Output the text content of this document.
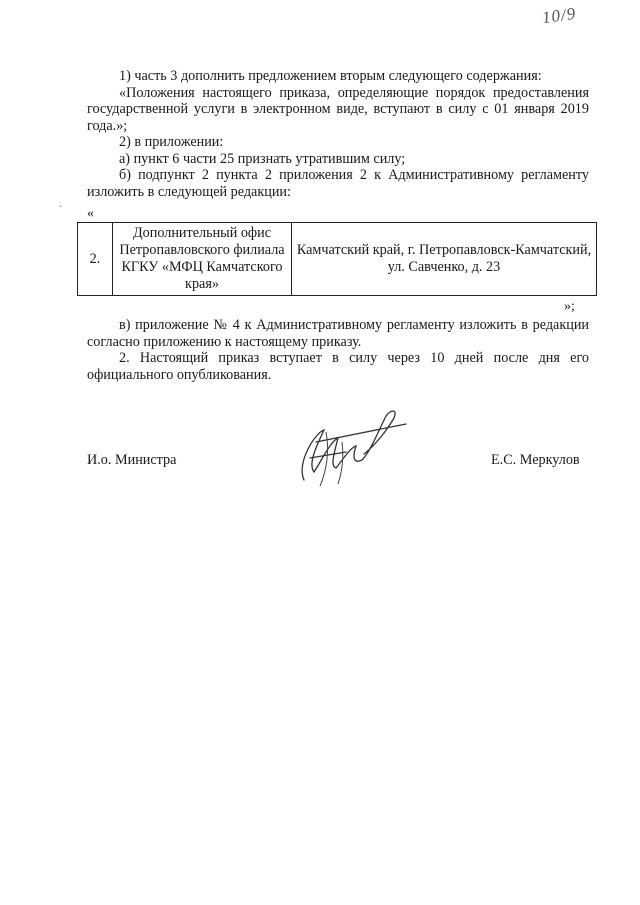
10/9

1) часть 3 дополнить предложением вторым следующего содержания:

«Положения настоящего приказа, определяющие порядок предоставления государственной услуги в электронном виде, вступают в силу с 01 января 2019 года.»;

2) в приложении:

а) пункт 6 части 25 признать утратившим силу;

б) подпункт 2 пункта 2 приложения 2 к Административному регламенту изложить в следующей редакции:

· «
2.	Дополнительный офис Петропавловского филиала КГКУ «МФЦ Камчатского края»	Камчатский край, г. Петропавловск-Камчатский, ул. Савченко, д. 23
»;

в) приложение № 4 к Административному регламенту изложить в редакции согласно приложению к настоящему приказу.

2. Настоящий приказ вступает в силу через 10 дней после дня его официального опубликования.

И.о. Министра	Е.С. Меркулов
